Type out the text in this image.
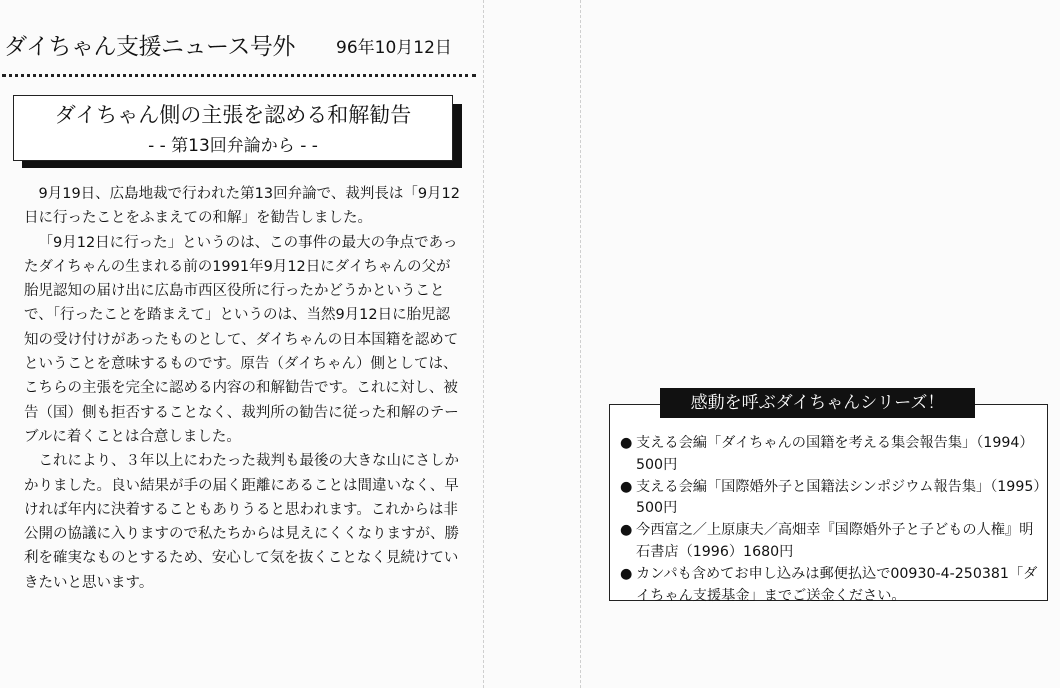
ダイちゃん支援ニュース号外 96年10月12日
ダイちゃん側の主張を認める和解勧告
- - 第13回弁論から - -

9月19日、広島地裁で行われた第13回弁論で、裁判長は「9月12日に行ったことをふまえての和解」を勧告しました。

「9月12日に行った」というのは、この事件の最大の争点であったダイちゃんの生まれる前の1991年9月12日にダイちゃんの父が胎児認知の届け出に広島市西区役所に行ったかどうかということで、「行ったことを踏まえて」というのは、当然9月12日に胎児認知の受け付けがあったものとして、ダイちゃんの日本国籍を認めてということを意味するものです。原告（ダイちゃん）側としては、こちらの主張を完全に認める内容の和解勧告です。これに対し、被告（国）側も拒否することなく、裁判所の勧告に従った和解のテーブルに着くことは合意しました。

これにより、３年以上にわたった裁判も最後の大きな山にさしかかりました。良い結果が手の届く距離にあることは間違いなく、早ければ年内に決着することもありうると思われます。これからは非公開の協議に入りますので私たちからは見えにくくなりますが、勝利を確実なものとするため、安心して気を抜くことなく見続けていきたいと思います。

感動を呼ぶダイちゃんシリーズ！
● 支える会編「ダイちゃんの国籍を考える集会報告集」（1994）500円
● 支える会編「国際婚外子と国籍法シンポジウム報告集」（1995）500円
● 今西富之／上原康夫／高畑幸『国際婚外子と子どもの人権』明石書店（1996）1680円
● カンパも含めてお申し込みは郵便払込で00930-4-250381「ダイちゃん支援基金」までご送金ください。
